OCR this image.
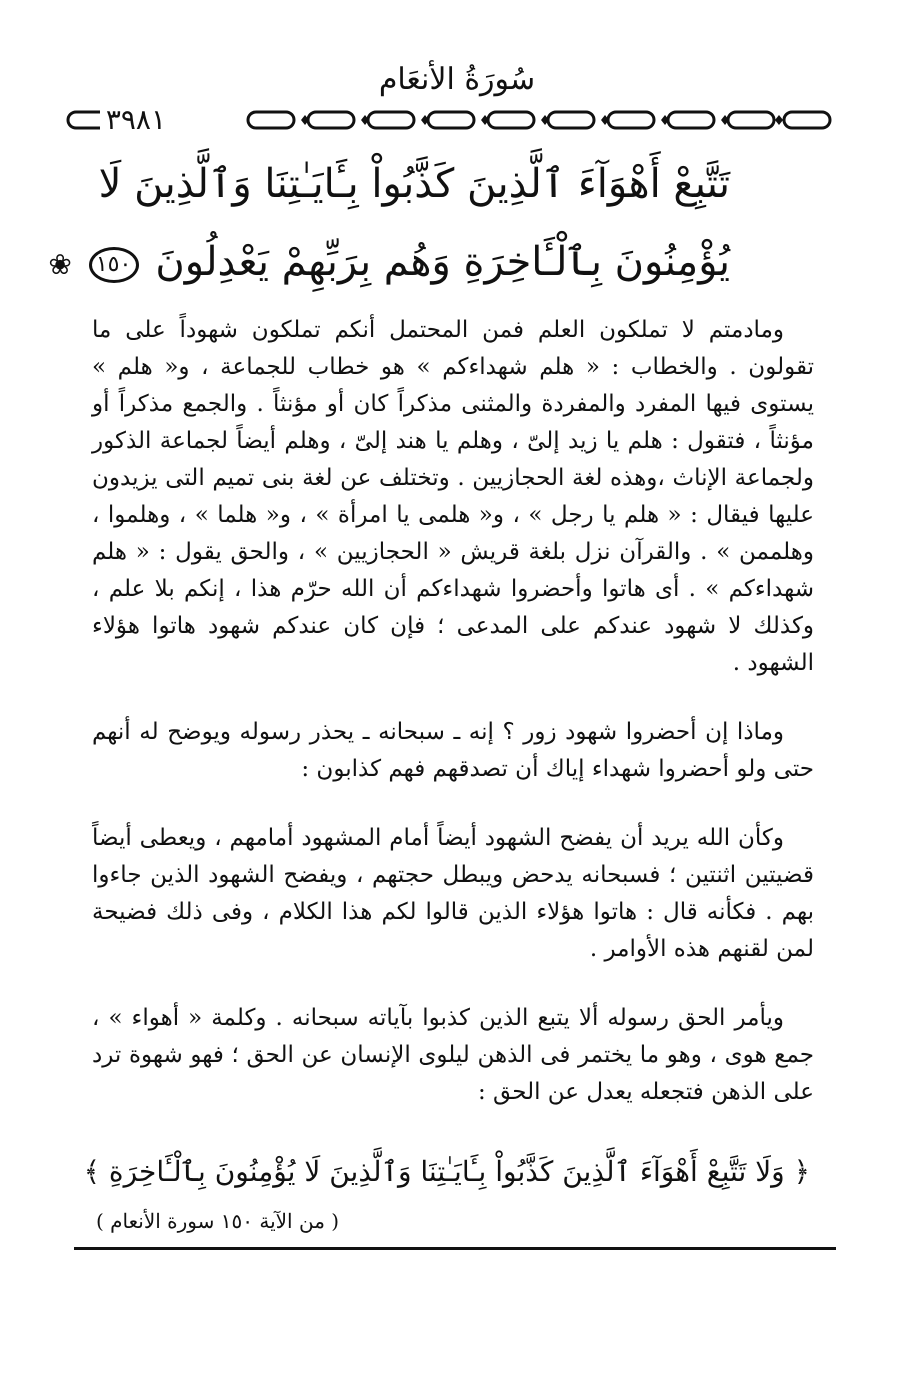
سُورَةُ الأنعَام
٣٩٨١
تَتَّبِعْ أَهْوَآءَ ٱلَّذِينَ كَذَّبُواْ بِـَٔايَـٰتِنَا وَٱلَّذِينَ لَا
يُؤْمِنُونَ بِٱلْـَٔاخِرَةِ وَهُم بِرَبِّهِمْ يَعْدِلُونَ ١٥٠ ❀

ومادمتم لا تملكون العلم فمن المحتمل أنكم تملكون شهوداً على ما تقولون . والخطاب : « هلم شهداءكم » هو خطاب للجماعة ، و« هلم » يستوى فيها المفرد والمفردة والمثنى مذكراً كان أو مؤنثاً . والجمع مذكراً أو مؤنثاً ، فتقول : هلم يا زيد إلىّ ، وهلم يا هند إلىّ ، وهلم أيضاً لجماعة الذكور ولجماعة الإناث ،وهذه لغة الحجازيين . وتختلف عن لغة بنى تميم التى يزيدون عليها فيقال : « هلم يا رجل » ، و« هلمى يا امرأة » ، و« هلما » ، وهلموا ، وهلممن » . والقرآن نزل بلغة قريش « الحجازيين » ، والحق يقول : « هلم شهداءكم » . أى هاتوا وأحضروا شهداءكم أن الله حرّم هذا ، إنكم بلا علم ، وكذلك لا شهود عندكم على المدعى ؛ فإن كان عندكم شهود هاتوا هؤلاء الشهود .

وماذا إن أحضروا شهود زور ؟ إنه ـ سبحانه ـ يحذر رسوله ويوضح له أنهم حتى ولو أحضروا شهداء إياك أن تصدقهم فهم كذابون :

وكأن الله يريد أن يفضح الشهود أيضاً أمام المشهود أمامهم ، ويعطى أيضاً قضيتين اثنتين ؛ فسبحانه يدحض ويبطل حجتهم ، ويفضح الشهود الذين جاءوا بهم . فكأنه قال : هاتوا هؤلاء الذين قالوا لكم هذا الكلام ، وفى ذلك فضيحة لمن لقنهم هذه الأوامر .

ويأمر الحق رسوله ألا يتبع الذين كذبوا بآياته سبحانه . وكلمة « أهواء » ، جمع هوى ، وهو ما يختمر فى الذهن ليلوى الإنسان عن الحق ؛ فهو شهوة ترد على الذهن فتجعله يعدل عن الحق :

﴿ وَلَا تَتَّبِعْ أَهْوَآءَ ٱلَّذِينَ كَذَّبُواْ بِـَٔايَـٰتِنَا وَٱلَّذِينَ لَا يُؤْمِنُونَ بِٱلْـَٔاخِرَةِ ﴾
( من الآية ١٥٠ سورة الأنعام )
